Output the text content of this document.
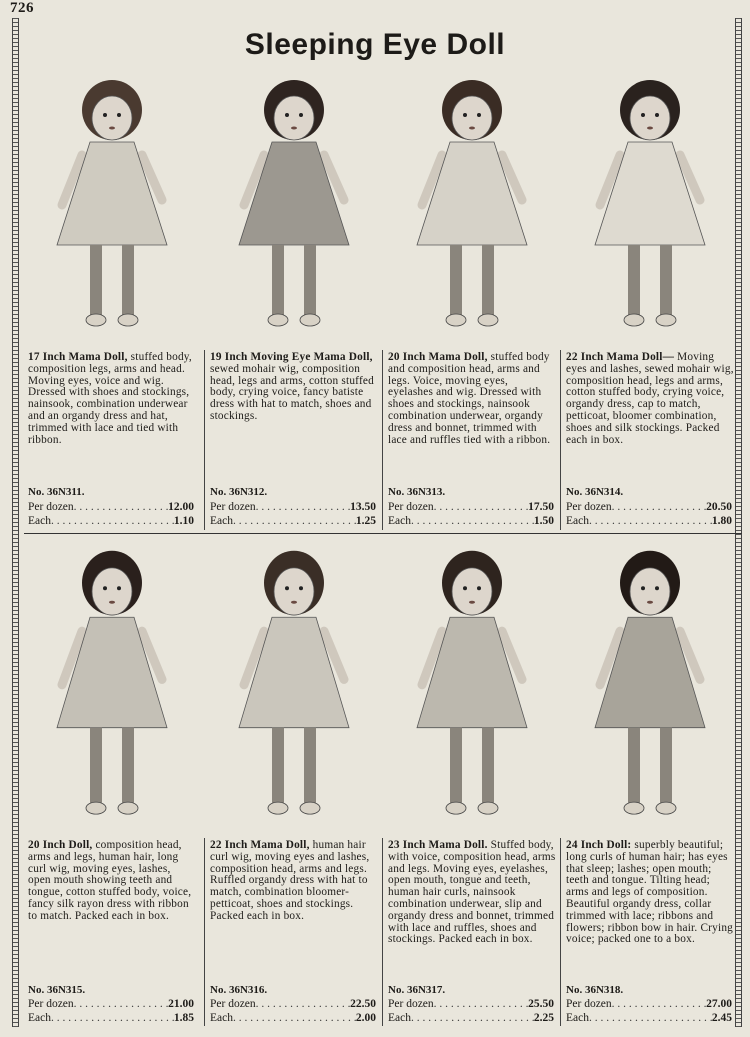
726
Sleeping Eye Doll
17 Inch Mama Doll, stuffed body, composition legs, arms and head. Moving eyes, voice and wig. Dressed with shoes and stockings, nainsook, combination underwear and an organdy dress and hat, trimmed with lace and tied with ribbon.
No. 36N311.
Per dozen . . .	12.00
Each . . .	1.10
19 Inch Moving Eye Mama Doll, sewed mohair wig, composition head, legs and arms, cotton stuffed body, crying voice, fancy batiste dress with hat to match, shoes and stockings.
No. 36N312.
Per dozen . . .	13.50
Each . . .	1.25
20 Inch Mama Doll, stuffed body and composition head, arms and legs. Voice, moving eyes, eyelashes and wig. Dressed with shoes and stockings, nainsook combination underwear, organdy dress and bonnet, trimmed with lace and ruffles tied with a ribbon.
No. 36N313.
Per dozen . . .	17.50
Each . . .	1.50
22 Inch Mama Doll— Moving eyes and lashes, sewed mohair wig, composition head, legs and arms, cotton stuffed body, crying voice, organdy dress, cap to match, petticoat, bloomer combination, shoes and silk stockings. Packed each in box.
No. 36N314.
Per dozen . . .	20.50
Each . . .	1.80
20 Inch Doll, composition head, arms and legs, human hair, long curl wig, moving eyes, lashes, open mouth showing teeth and tongue, cotton stuffed body, voice, fancy silk rayon dress with ribbon to match. Packed each in box.
No. 36N315.
Per dozen . . .	21.00
Each . . .	1.85
22 Inch Mama Doll, human hair curl wig, moving eyes and lashes, composition head, arms and legs. Ruffled organdy dress with hat to match, combination bloomer-petticoat, shoes and stockings. Packed each in box.
No. 36N316.
Per dozen . . .	22.50
Each . . .	2.00
23 Inch Mama Doll. Stuffed body, with voice, composition head, arms and legs. Moving eyes, eyelashes, open mouth, tongue and teeth, human hair curls, nainsook combination underwear, slip and organdy dress and bonnet, trimmed with lace and ruffles, shoes and stockings. Packed each in box.
No. 36N317.
Per dozen . . .	25.50
Each . . .	2.25
24 Inch Doll: superbly beautiful; long curls of human hair; has eyes that sleep; lashes; open mouth; teeth and tongue. Tilting head; arms and legs of composition. Beautiful organdy dress, collar trimmed with lace; ribbons and flowers; ribbon bow in hair. Crying voice; packed one to a box.
No. 36N318.
Per dozen . . .	27.00
Each . . .	2.45
